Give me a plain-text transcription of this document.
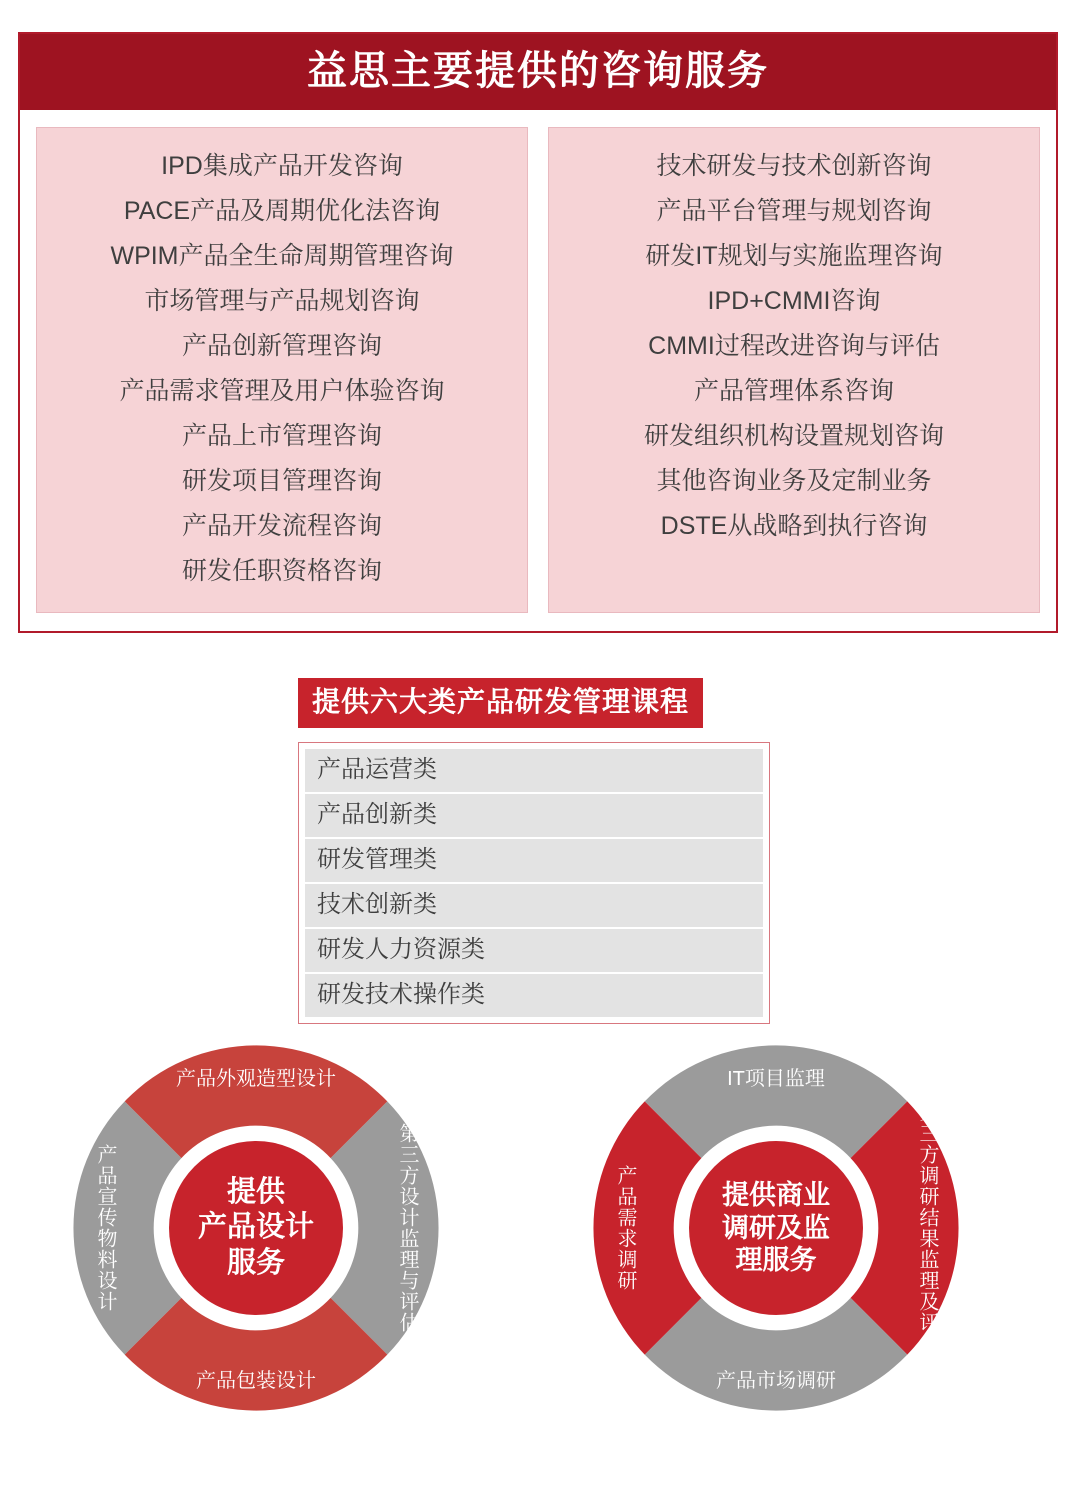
益思主要提供的咨询服务
IPD集成产品开发咨询
PACE产品及周期优化法咨询
WPIM产品全生命周期管理咨询
市场管理与产品规划咨询
产品创新管理咨询
产品需求管理及用户体验咨询
产品上市管理咨询
研发项目管理咨询
产品开发流程咨询
研发任职资格咨询
技术研发与技术创新咨询
产品平台管理与规划咨询
研发IT规划与实施监理咨询
IPD+CMMI咨询
CMMI过程改进咨询与评估
产品管理体系咨询
研发组织机构设置规划咨询
其他咨询业务及定制业务
DSTE从战略到执行咨询
提供六大类产品研发管理课程
产品运营类
产品创新类
研发管理类
技术创新类
研发人力资源类
研发技术操作类
提供
产品设计
服务
产品外观造型设计
第三方设计监理与评估
产品包装设计
产品宣传物料设计	提供商业
调研及监
理服务
IT项目监理
第三方调研结果监理及评估
产品市场调研
产品需求调研
